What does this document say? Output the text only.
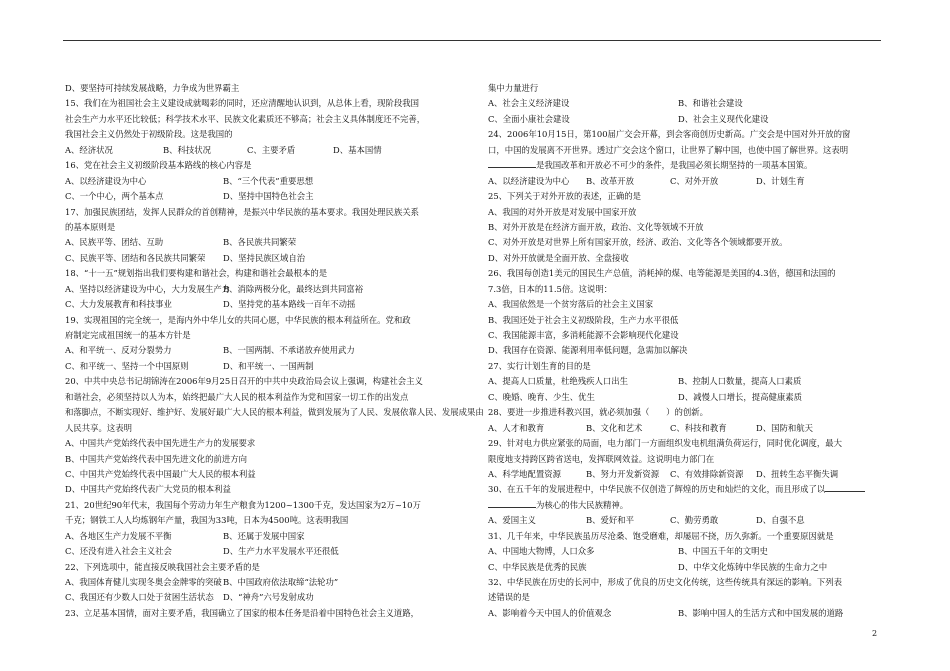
D、要坚持可持续发展战略，力争成为世界霸主
15、我们在为祖国社会主义建设成就喝彩的同时，还应清醒地认识到，从总体上看，现阶段我国
社会生产力水平还比较低；科学技术水平、民族文化素质还不够高；社会主义具体制度还不完善，
我国社会主义仍然处于初级阶段。这是我国的
A、经济状况	B、科技状况	C、主要矛盾	D、基本国情
16、党在社会主义初级阶段基本路线的核心内容是
A、以经济建设为中心	B、“三个代表”重要思想
C、一个中心，两个基本点	D、坚持中国特色社会主
17、加强民族团结，发挥人民群众的首创精神，是振兴中华民族的基本要求。我国处理民族关系
的基本原则是
A、民族平等、团结、互助	B、各民族共同繁荣
C、民族平等、团结和各民族共同繁荣 D、坚持民族区域自治
18、“十一五”规划指出我们要构建和谐社会，构建和谐社会最根本的是
A、坚持以经济建设为中心，大力发展生产力
B、消除两极分化，最终达到共同富裕
C、大力发展教育和科技事业	D、坚持党的基本路线一百年不动摇
19、实现祖国的完全统一，是海内外中华儿女的共同心愿，中华民族的根本利益所在。党和政
府制定完成祖国统一的基本方针是
A、和平统一、反对分裂势力	B、一国两制、不承诺放弃使用武力
C、和平统一、坚持一个中国原则	D、和平统一、一国两制
20、中共中央总书记胡锦涛在2006年9月25日召开的中共中央政治局会议上强调，构建社会主义
和谐社会，必须坚持以人为本，始终把最广大人民的根本利益作为党和国家一切工作的出发点
和落脚点，不断实现好、维护好、发展好最广大人民的根本利益，做到发展为了人民、发展依靠人民、发展成果由
人民共享。这表明
A、中国共产党始终代表中国先进生产力的发展要求
B、中国共产党始终代表中国先进文化的前进方向
C、中国共产党始终代表中国最广大人民的根本利益
D、中国共产党始终代表广大党员的根本利益
21、20世纪90年代末，我国每个劳动力年生产粮食为1200~1300千克，发达国家为2万~10万
千克；钢铁工人人均炼钢年产量，我国为33吨，日本为4500吨。这表明我国
A、各地区生产力发展不平衡	B、还属于发展中国家
C、还没有进入社会主义社会	D、生产力水平发展水平还很低
22、下列选项中，能直接反映我国社会主要矛盾的是
A、我国体育健儿实现冬奥会金牌零的突破 B、中国政府依法取缔“法轮功”
C、我国还有少数人口处于贫困生活状态 D、“神舟”六号发射成功
23、立足基本国情，面对主要矛盾，我国确立了国家的根本任务是沿着中国特色社会主义道路，
集中力量进行
A、社会主义经济建设	B、和谐社会建设
C、全面小康社会建设	D、社会主义现代化建设
24、2006年10月15日，第100届广交会开幕，到会客商创历史新高。广交会是中国对外开放的窗
口，中国的发展离不开世界。透过广交会这个窗口，让世界了解中国，也使中国了解世界。这表明
是我国改革和开放必不可少的条件，是我国必须长期坚持的一项基本国策。
A、以经济建设为中心 B、改革开放	C、对外开放	D、计划生育
25、下列关于对外开放的表述，正确的是
A、我国的对外开放是对发展中国家开放
B、对外开放是在经济方面开放，政治、文化等领域不开放
C、对外开放是对世界上所有国家开放，经济、政治、文化等各个领域都要开放。
D、对外开放就是全面开放、全盘接收
26、我国每创造1美元的国民生产总值，消耗掉的煤、电等能源是美国的4.3倍，德国和法国的
7.3倍，日本的11.5倍。这说明：
A、我国依然是一个贫穷落后的社会主义国家
B、我国还处于社会主义初级阶段，生产力水平很低
C、我国能源丰富，多消耗能源不会影响现代化建设
D、我国存在资源、能源利用率低问题，急需加以解决
27、实行计划生育的目的是
A、提高人口质量，杜绝残疾人口出生	B、控制人口数量，提高人口素质
C、晚婚、晚育、少生、优生	D、减慢人口增长，提高健康素质
28、要进一步推进科教兴国，就必须加强（　　）的创新。
A、人才和教育	B、文化和艺术	C、科技和教育	D、国防和航天
29、针对电力供应紧张的局面，电力部门一方面组织发电机组满负荷运行，同时优化调度，最大
限度地支持跨区跨省送电，发挥联网效益。这说明电力部门在
A、科学地配置资源	B、努力开发新资源 C、有效排除新资源 D、扭转生态平衡失调
30、在五千年的发展进程中，中华民族不仅创造了辉煌的历史和灿烂的文化，而且形成了以
为核心的伟大民族精神。
A、爱国主义	B、爱好和平	C、勤劳勇敢	D、自强不息
31、几千年来，中华民族虽历尽沧桑、饱受磨难，却屡屈不挠，历久弥新。一个重要原因就是
A、中国地大物博，人口众多	B、中国五千年的文明史
C、中华民族是优秀的民族	D、中华文化炼铸中华民族的生命力之中
32、中华民族在历史的长河中，形成了优良的历史文化传统，这些传统具有深远的影响。下列表
述错误的是
A、影响着今天中国人的价值观念	B、影响中国人的生活方式和中国发展的道路
2
